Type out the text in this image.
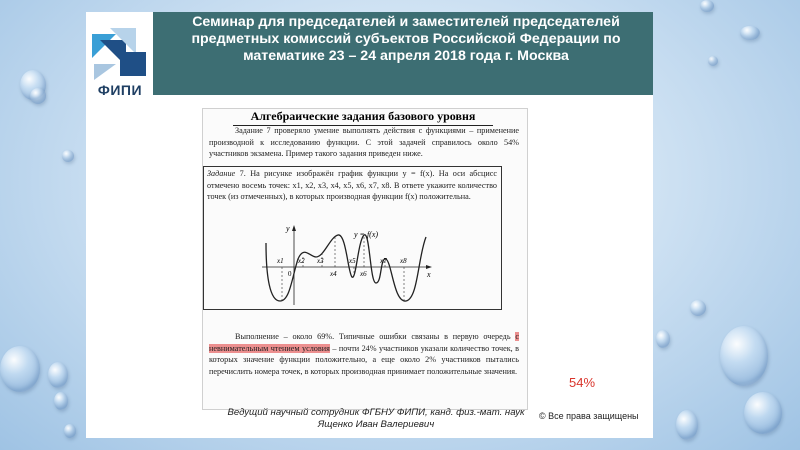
Семинар для председателей и заместителей председателей предметных комиссий субъектов Российской Федерации по математике 23 – 24 апреля 2018 года г. Москва
ФИПИ
Алгебраические задания базового уровня

Задание 7 проверяло умение выполнять действия с функциями – применение производной к исследованию функции. С этой задачей справилось около 54% участников экзамена. Пример такого задания приведен ниже.

Задание 7. На рисунке изображён график функции y = f(x). На оси абсцисс отмечено восемь точек: x1, x2, x3, x4, x5, x6, x7, x8. В ответе укажите количество точек (из отмеченных), в которых производная функции f(x) положительна.

y
x
0
y = f(x)
x1 x2 x3
x4
x5
x6
x7 x8

Выполнение – около 69%. Типичные ошибки связаны в первую очередь с невнимательным чтением условия – почти 24% участников указали количество точек, в которых значение функции положительно, а еще около 2% участников пытались перечислить номера точек, в которых производная принимает положительные значения.

54%
Ведущий научный сотрудник ФГБНУ ФИПИ, канд. физ.-мат. наук
Ященко Иван Валериевич
© Все права защищены
